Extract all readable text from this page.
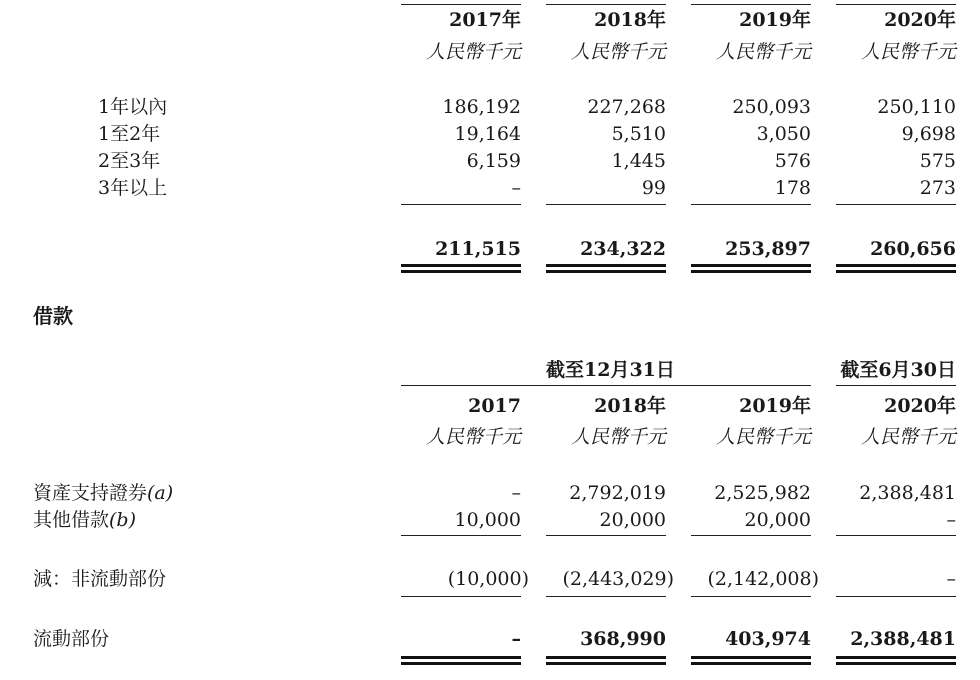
2017年	2018年	2019年	2020年
人民幣千元	人民幣千元	人民幣千元	人民幣千元
1年以內	186,192	227,268	250,093	250,110
1至2年	19,164	5,510	3,050	9,698
2至3年	6,159	1,445	576	575
3年以上	–	99	178	273
211,515	234,322	253,897	260,656
借款
截至12月31日	截至6月30日
2017	2018年	2019年	2020年
人民幣千元	人民幣千元	人民幣千元	人民幣千元
資產支持證券(a)	–	2,792,019	2,525,982	2,388,481
其他借款(b)	10,000	20,000	20,000	–
減：非流動部份	(10,000)	(2,443,029)	(2,142,008)	–
流動部份	–	368,990	403,974	2,388,481
